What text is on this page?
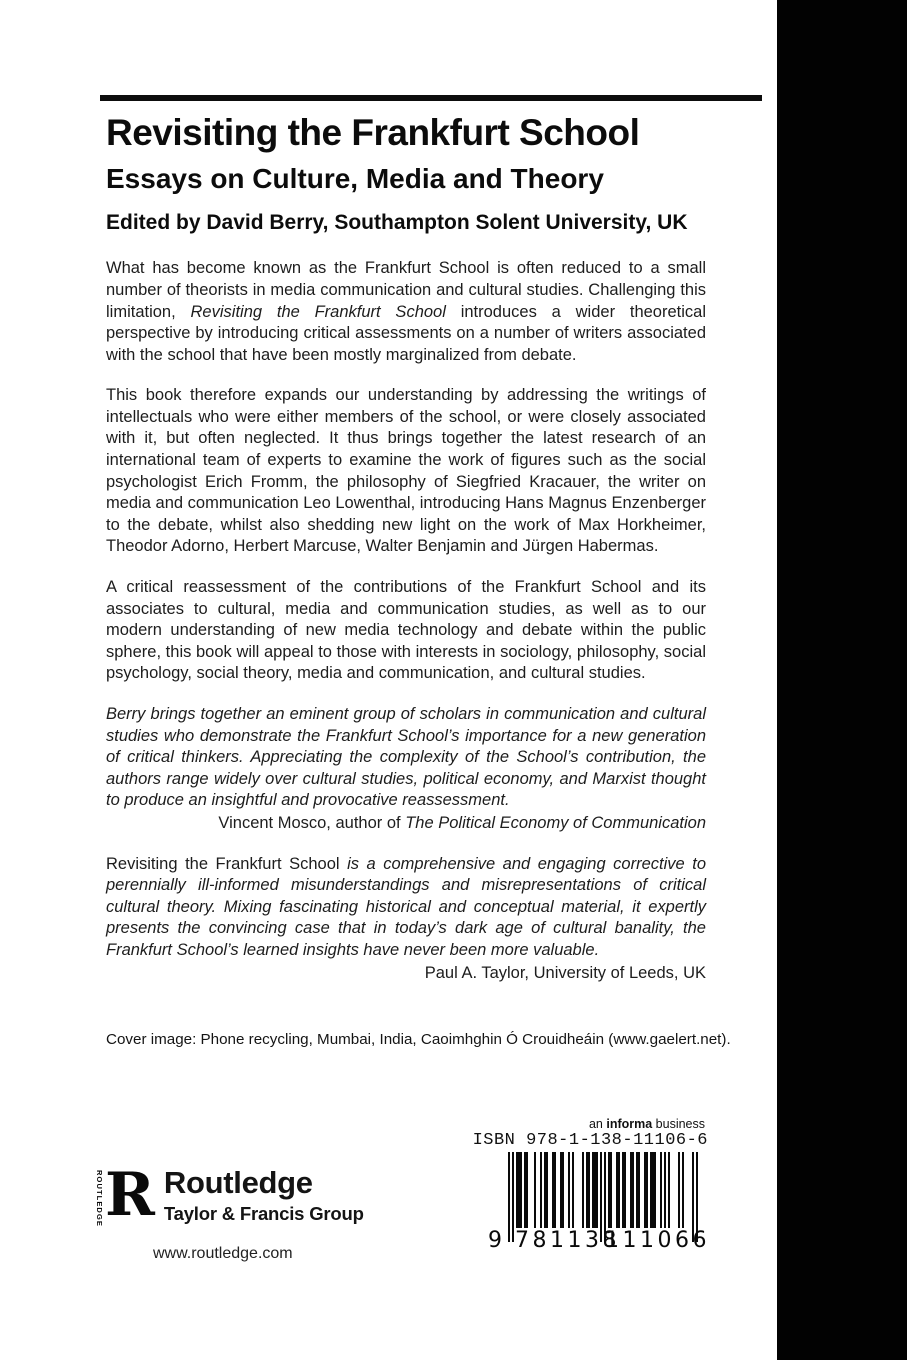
Revisiting the Frankfurt School
Essays on Culture, Media and Theory
Edited by David Berry, Southampton Solent University, UK

What has become known as the Frankfurt School is often reduced to a small number of theorists in media communication and cultural studies. Challenging this limitation, Revisiting the Frankfurt School introduces a wider theoretical perspective by introducing critical assessments on a number of writers associated with the school that have been mostly marginalized from debate.

This book therefore expands our understanding by addressing the writings of intellectuals who were either members of the school, or were closely associated with it, but often neglected. It thus brings together the latest research of an international team of experts to examine the work of figures such as the social psychologist Erich Fromm, the philosophy of Siegfried Kracauer, the writer on media and communication Leo Lowenthal, introducing Hans Magnus Enzenberger to the debate, whilst also shedding new light on the work of Max Horkheimer, Theodor Adorno, Herbert Marcuse, Walter Benjamin and Jürgen Habermas.

A critical reassessment of the contributions of the Frankfurt School and its associates to cultural, media and communication studies, as well as to our modern understanding of new media technology and debate within the public sphere, this book will appeal to those with interests in sociology, philosophy, social psychology, social theory, media and communication, and cultural studies.

Berry brings together an eminent group of scholars in communication and cultural studies who demonstrate the Frankfurt School’s importance for a new generation of critical thinkers. Appreciating the complexity of the School’s contribution, the authors range widely over cultural studies, political economy, and Marxist thought to produce an insightful and provocative reassessment.

Vincent Mosco, author of The Political Economy of Communication

Revisiting the Frankfurt School is a comprehensive and engaging corrective to perennially ill-informed misunderstandings and misrepresentations of critical cultural theory. Mixing fascinating historical and conceptual material, it expertly presents the convincing case that in today’s dark age of cultural banality, the Frankfurt School’s learned insights have never been more valuable.

Paul A. Taylor, University of Leeds, UK

Cover image: Phone recycling, Mumbai, India, Caoimhghin Ó Crouidheáin (www.gaelert.net).
an informa business
ISBN 978-1-138-11106-6
9 781138
111066
ROUTLEDGE R Routledge
Taylor & Francis Group
www.routledge.com
